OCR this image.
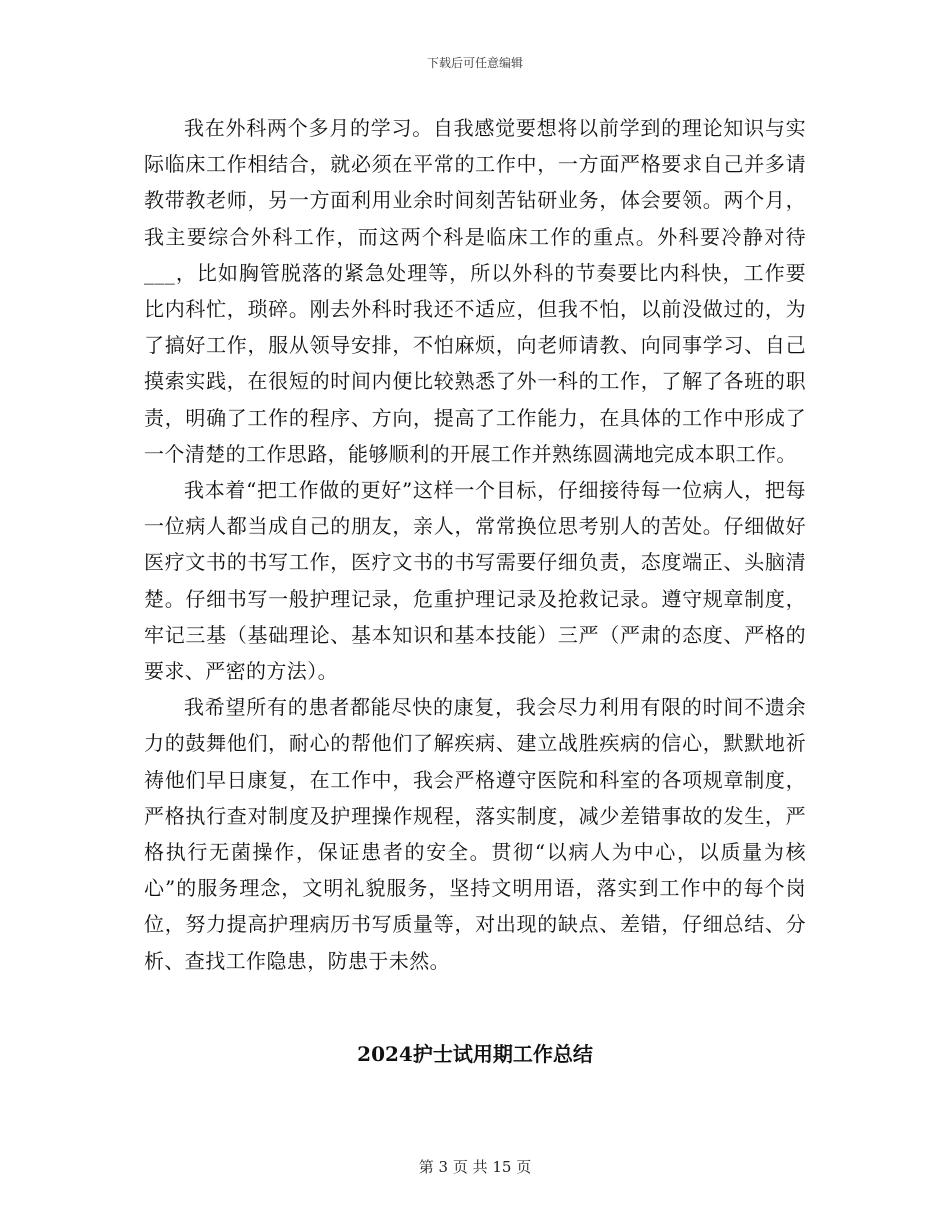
下载后可任意编辑

我在外科两个多月的学习。自我感觉要想将以前学到的理论知识与实际临床工作相结合，就必须在平常的工作中，一方面严格要求自己并多请教带教老师，另一方面利用业余时间刻苦钻研业务，体会要领。两个月，我主要综合外科工作，而这两个科是临床工作的重点。外科要冷静对待___，比如胸管脱落的紧急处理等，所以外科的节奏要比内科快，工作要比内科忙，琐碎。刚去外科时我还不适应，但我不怕，以前没做过的，为了搞好工作，服从领导安排，不怕麻烦，向老师请教、向同事学习、自己摸索实践，在很短的时间内便比较熟悉了外一科的工作，了解了各班的职责，明确了工作的程序、方向，提高了工作能力，在具体的工作中形成了一个清楚的工作思路，能够顺利的开展工作并熟练圆满地完成本职工作。

我本着“把工作做的更好”这样一个目标，仔细接待每一位病人，把每一位病人都当成自己的朋友，亲人，常常换位思考别人的苦处。仔细做好医疗文书的书写工作，医疗文书的书写需要仔细负责，态度端正、头脑清楚。仔细书写一般护理记录，危重护理记录及抢救记录。遵守规章制度，牢记三基（基础理论、基本知识和基本技能）三严（严肃的态度、严格的要求、严密的方法）。

我希望所有的患者都能尽快的康复，我会尽力利用有限的时间不遗余力的鼓舞他们，耐心的帮他们了解疾病、建立战胜疾病的信心，默默地祈祷他们早日康复，在工作中，我会严格遵守医院和科室的各项规章制度，严格执行查对制度及护理操作规程，落实制度，减少差错事故的发生，严格执行无菌操作，保证患者的安全。贯彻“以病人为中心，以质量为核心”的服务理念，文明礼貌服务，坚持文明用语，落实到工作中的每个岗位，努力提高护理病历书写质量等，对出现的缺点、差错，仔细总结、分析、查找工作隐患，防患于未然。

2024护士试用期工作总结
第 3 页 共 15 页
